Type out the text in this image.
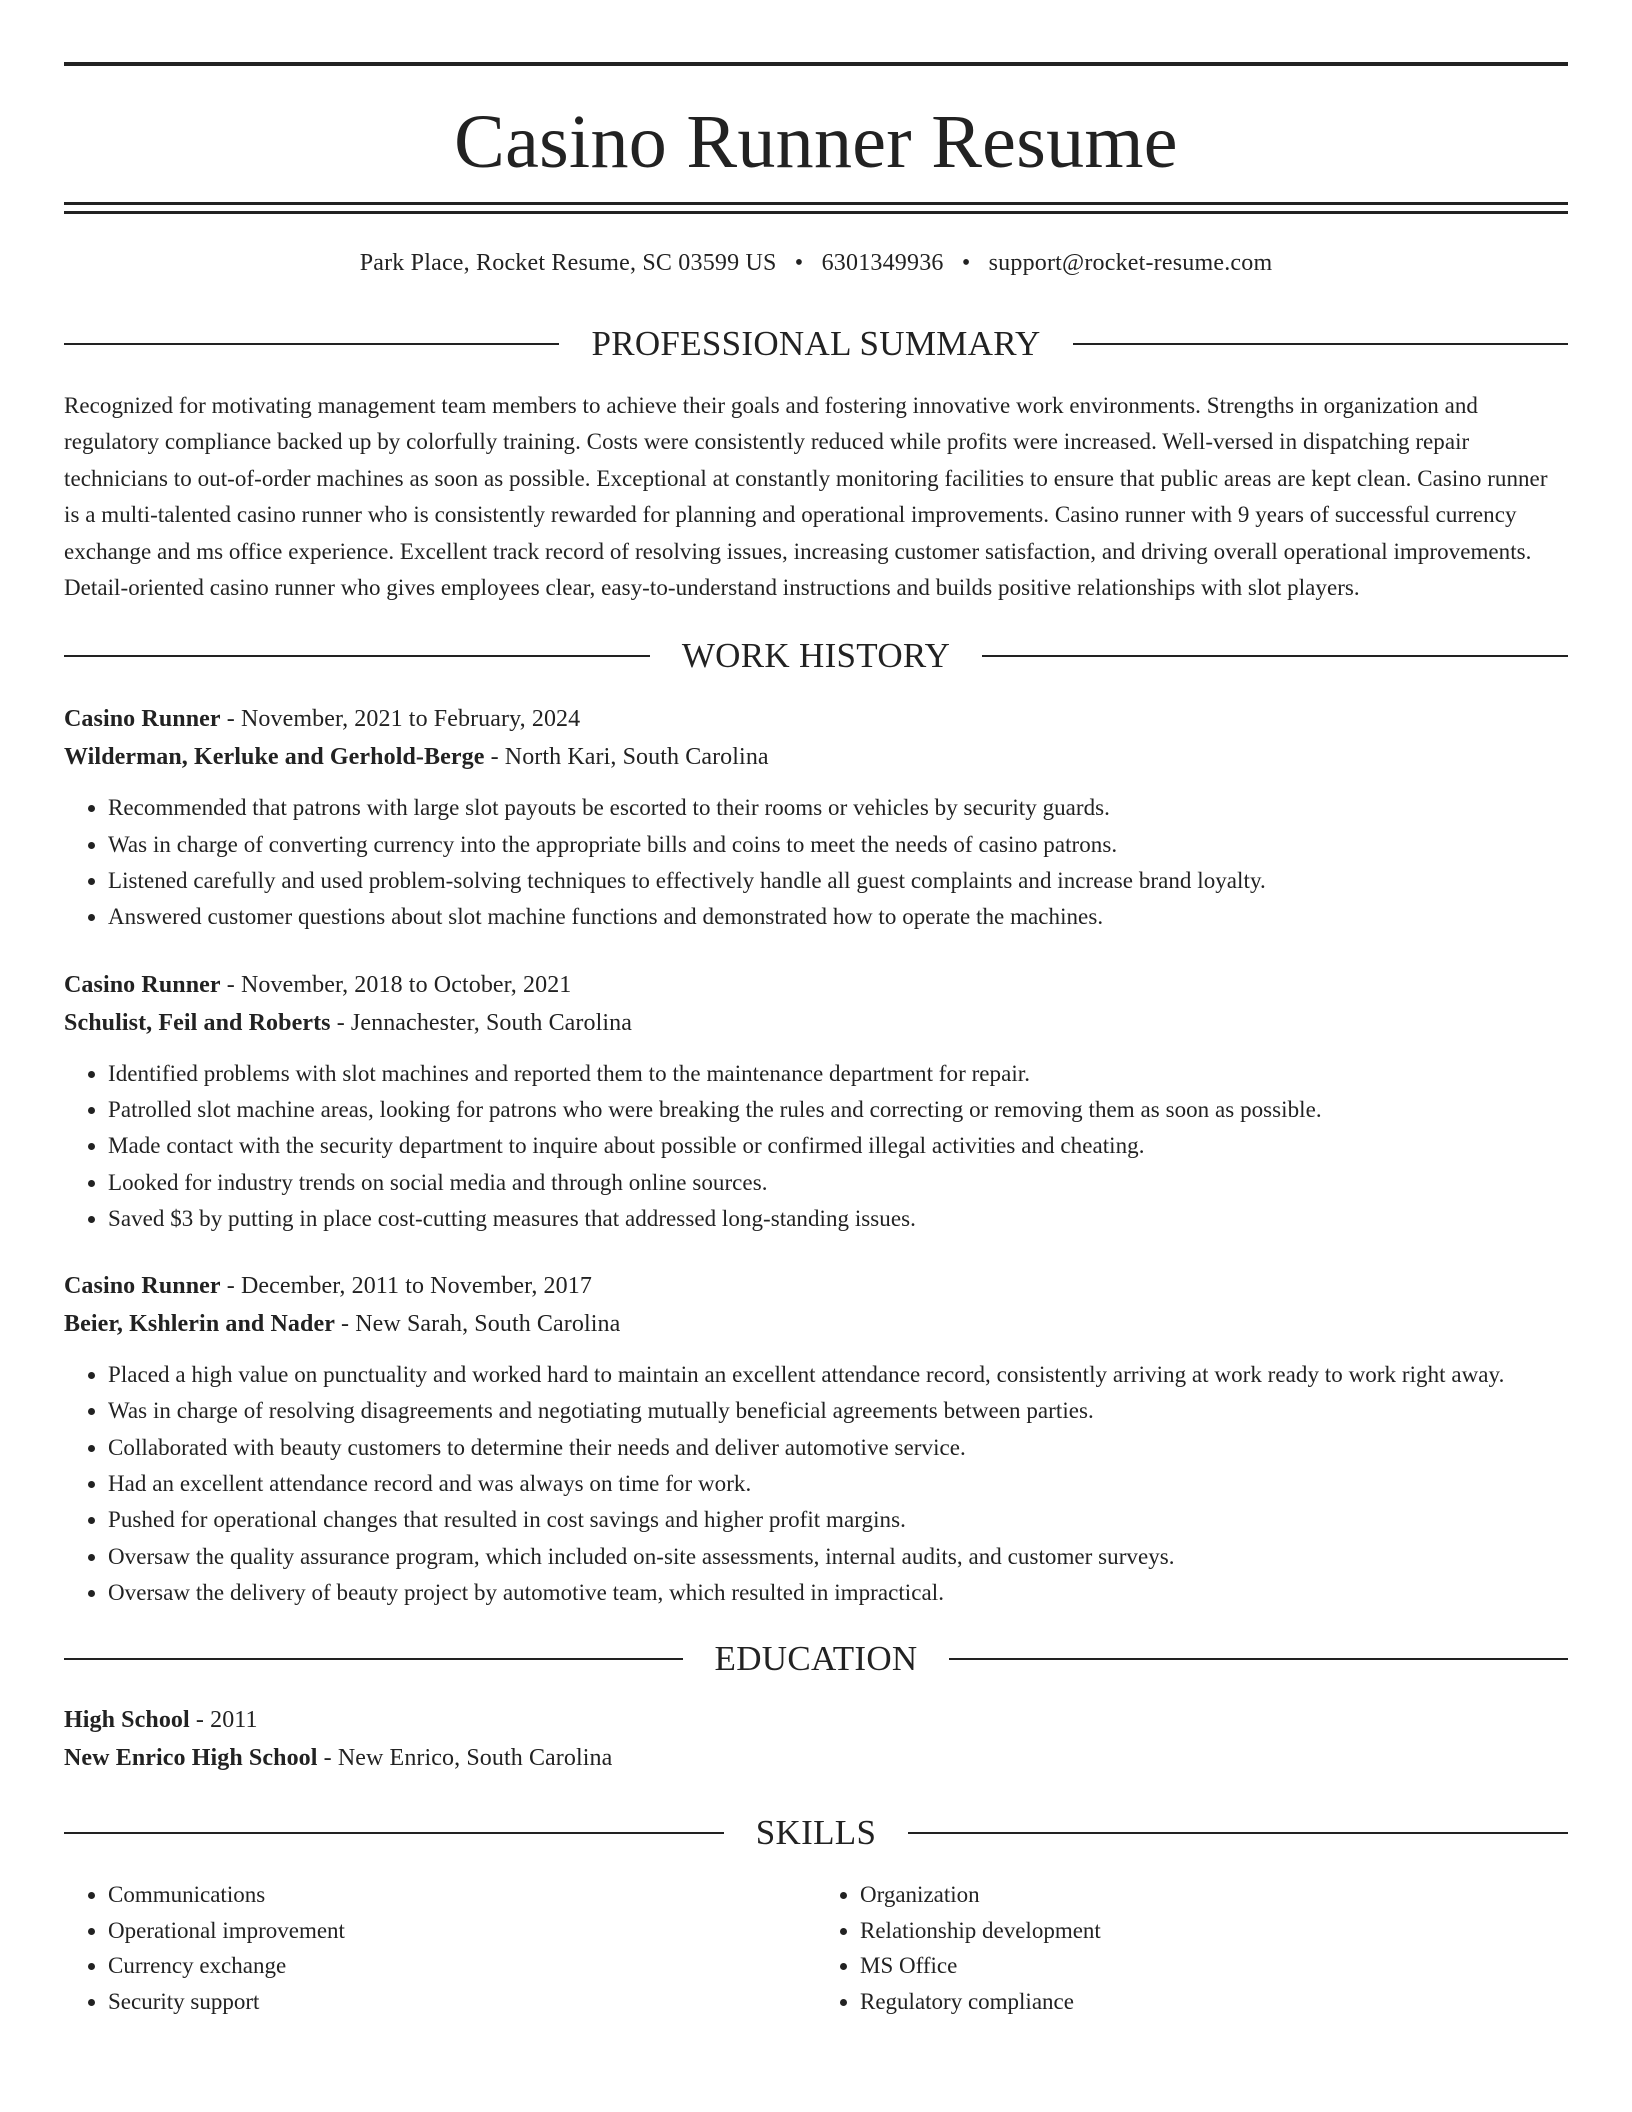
Casino Runner Resume
Park Place, Rocket Resume, SC 03599 US • 6301349936 • support@rocket-resume.com
PROFESSIONAL SUMMARY
Recognized for motivating management team members to achieve their goals and fostering innovative work environments. Strengths in organization and regulatory compliance backed up by colorfully training. Costs were consistently reduced while profits were increased. Well-versed in dispatching repair technicians to out-of-order machines as soon as possible. Exceptional at constantly monitoring facilities to ensure that public areas are kept clean. Casino runner is a multi-talented casino runner who is consistently rewarded for planning and operational improvements. Casino runner with 9 years of successful currency exchange and ms office experience. Excellent track record of resolving issues, increasing customer satisfaction, and driving overall operational improvements. Detail-oriented casino runner who gives employees clear, easy-to-understand instructions and builds positive relationships with slot players.
WORK HISTORY
Casino Runner - November, 2021 to February, 2024
Wilderman, Kerluke and Gerhold-Berge - North Kari, South Carolina
• Recommended that patrons with large slot payouts be escorted to their rooms or vehicles by security guards.
• Was in charge of converting currency into the appropriate bills and coins to meet the needs of casino patrons.
• Listened carefully and used problem-solving techniques to effectively handle all guest complaints and increase brand loyalty.
• Answered customer questions about slot machine functions and demonstrated how to operate the machines.
Casino Runner - November, 2018 to October, 2021
Schulist, Feil and Roberts - Jennachester, South Carolina
• Identified problems with slot machines and reported them to the maintenance department for repair.
• Patrolled slot machine areas, looking for patrons who were breaking the rules and correcting or removing them as soon as possible.
• Made contact with the security department to inquire about possible or confirmed illegal activities and cheating.
• Looked for industry trends on social media and through online sources.
• Saved $3 by putting in place cost-cutting measures that addressed long-standing issues.
Casino Runner - December, 2011 to November, 2017
Beier, Kshlerin and Nader - New Sarah, South Carolina
• Placed a high value on punctuality and worked hard to maintain an excellent attendance record, consistently arriving at work ready to work right away.
• Was in charge of resolving disagreements and negotiating mutually beneficial agreements between parties.
• Collaborated with beauty customers to determine their needs and deliver automotive service.
• Had an excellent attendance record and was always on time for work.
• Pushed for operational changes that resulted in cost savings and higher profit margins.
• Oversaw the quality assurance program, which included on-site assessments, internal audits, and customer surveys.
• Oversaw the delivery of beauty project by automotive team, which resulted in impractical.
EDUCATION
High School - 2011
New Enrico High School - New Enrico, South Carolina
SKILLS
• Communications
• Operational improvement
• Currency exchange
• Security support
• Organization
• Relationship development
• MS Office
• Regulatory compliance
